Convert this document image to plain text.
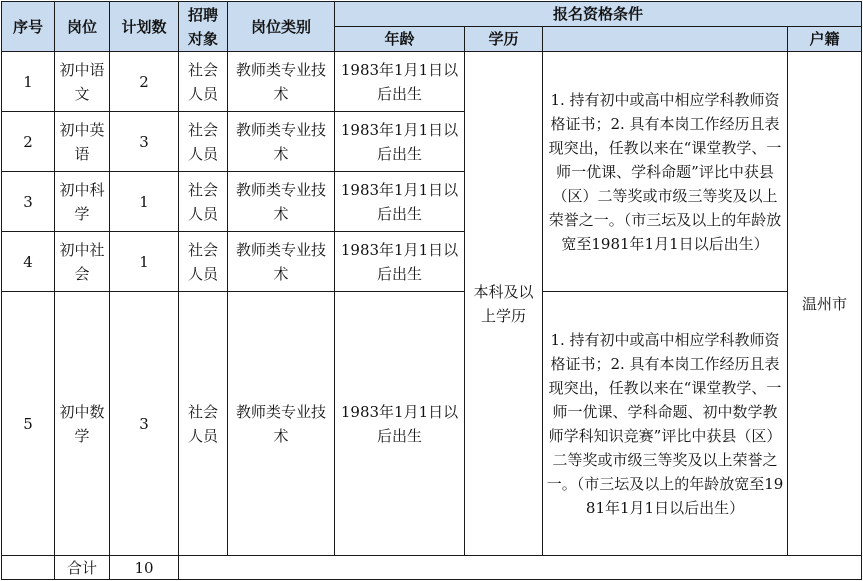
序号	岗位	计划数	招聘对象	岗位类别	报名资格条件			
					年龄	学历		户籍
1	初中语文	2	社会人员	教师类专业技术	1983年1月1日以后出生	本科及以上学历	1. 持有初中或高中相应学科教师资格证书；2. 具有本岗工作经历且表现突出，任教以来在“课堂教学、一师一优课、学科命题”评比中获县（区）二等奖或市级三等奖及以上荣誉之一。（市三坛及以上的年龄放宽至1981年1月1日以后出生）	温州市
2	初中英语	3	社会人员	教师类专业技术	1983年1月1日以后出生			
3	初中科学	1	社会人员	教师类专业技术	1983年1月1日以后出生			
4	初中社会	1	社会人员	教师类专业技术	1983年1月1日以后出生			
5	初中数学	3	社会人员	教师类专业技术	1983年1月1日以后出生		1. 持有初中或高中相应学科教师资格证书；2. 具有本岗工作经历且表现突出，任教以来在“课堂教学、一师一优课、学科命题、初中数学教师学科知识竞赛”评比中获县（区）二等奖或市级三等奖及以上荣誉之一。（市三坛及以上的年龄放宽至1981年1月1日以后出生）	
	合计	10						
